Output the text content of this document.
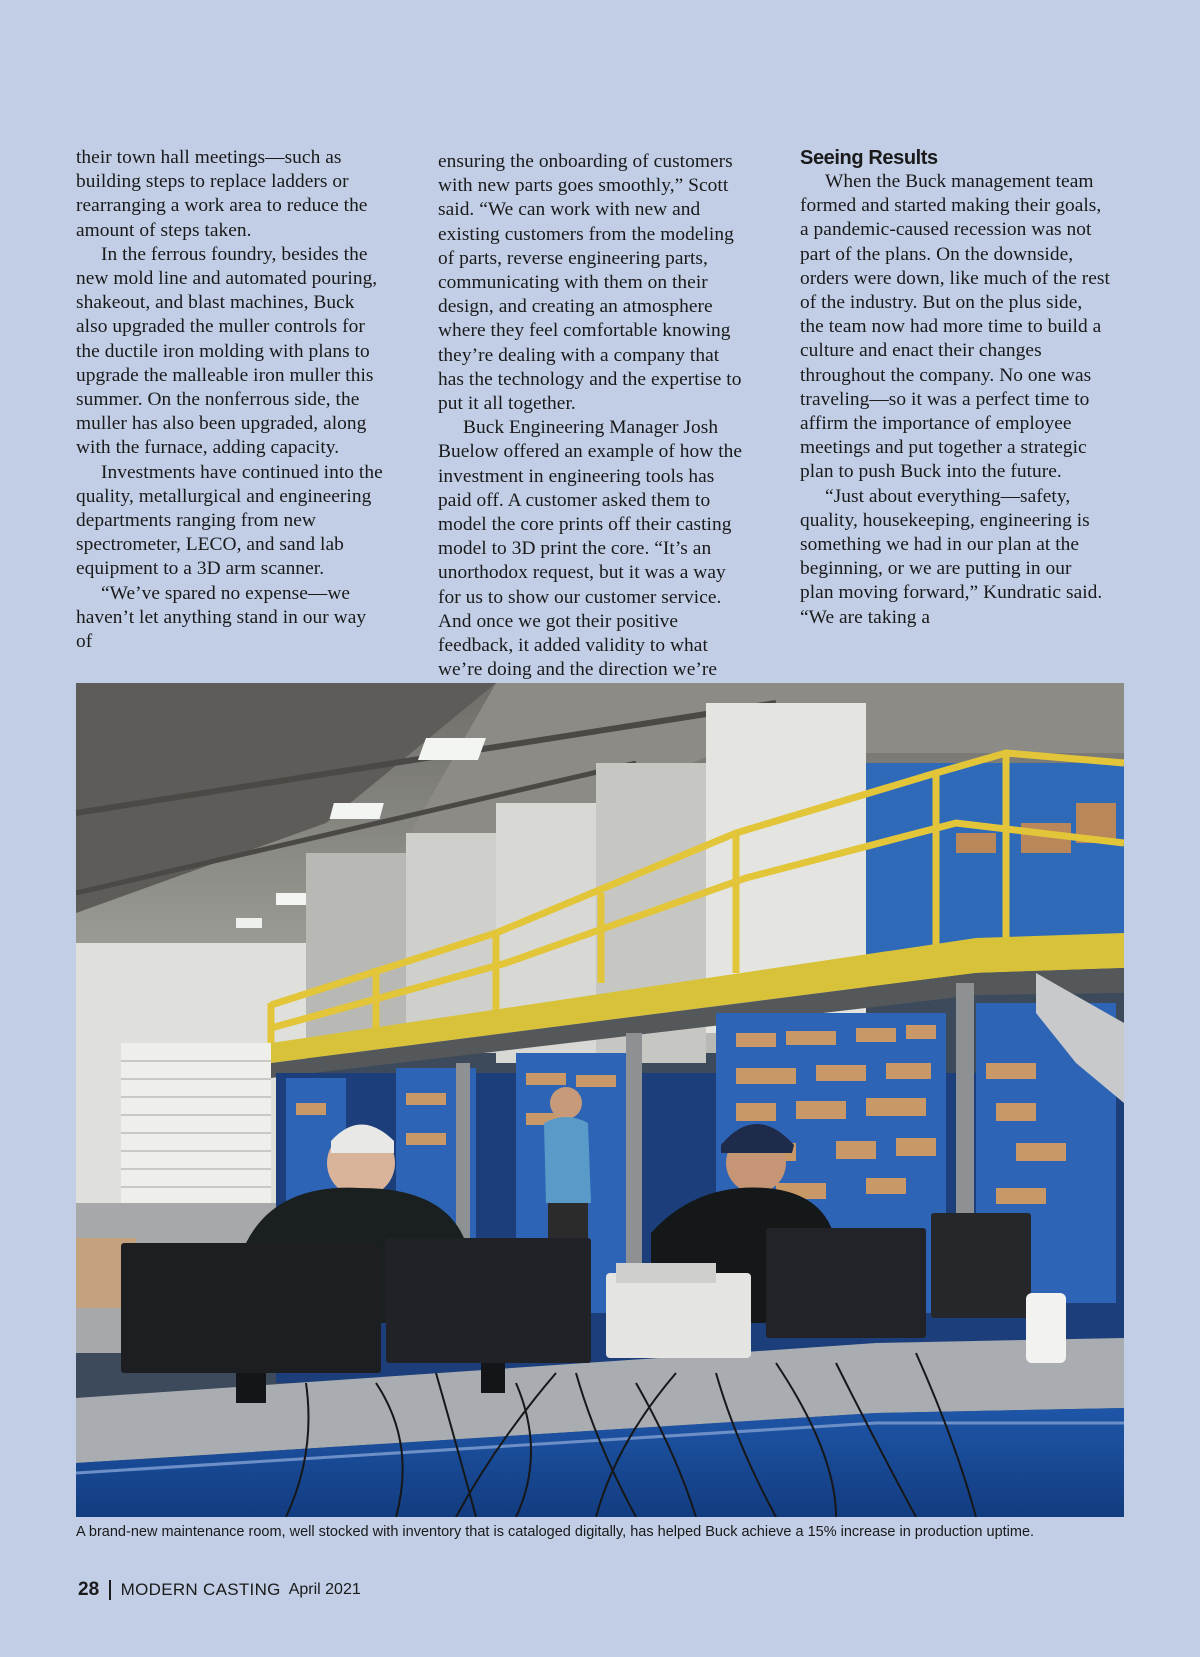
their town hall meetings—such as building steps to replace ladders or rearranging a work area to reduce the amount of steps taken.

In the ferrous foundry, besides the new mold line and automated pouring, shakeout, and blast machines, Buck also upgraded the muller controls for the ductile iron molding with plans to upgrade the malleable iron muller this summer. On the nonferrous side, the muller has also been upgraded, along with the furnace, adding capacity.

Investments have continued into the quality, metallurgical and engineering departments ranging from new spectrometer, LECO, and sand lab equipment to a 3D arm scanner.

“We’ve spared no expense—we haven’t let anything stand in our way of

ensuring the onboarding of customers with new parts goes smoothly,” Scott said. “We can work with new and existing customers from the modeling of parts, reverse engineering parts, communicating with them on their design, and creating an atmosphere where they feel comfortable knowing they’re dealing with a company that has the technology and the expertise to put it all together.

Buck Engineering Manager Josh Buelow offered an example of how the investment in engineering tools has paid off. A customer asked them to model the core prints off their casting model to 3D print the core. “It’s an unorthodox request, but it was a way for us to show our customer service. And once we got their positive feedback, it added validity to what we’re doing and the direction we’re

Seeing Results

When the Buck management team formed and started making their goals, a pandemic-caused recession was not part of the plans. On the downside, orders were down, like much of the rest of the industry. But on the plus side, the team now had more time to build a culture and enact their changes throughout the company. No one was traveling—so it was a perfect time to affirm the importance of employee meetings and put together a strategic plan to push Buck into the future.

“Just about everything—safety, quality, housekeeping, engineering is something we had in our plan at the beginning, or we are putting in our plan moving forward,” Kundratic said. “We are taking a

A brand-new maintenance room, well stocked with inventory that is cataloged digitally, has helped Buck achieve a 15% increase in production uptime.
28 MODERN CASTING April 2021
